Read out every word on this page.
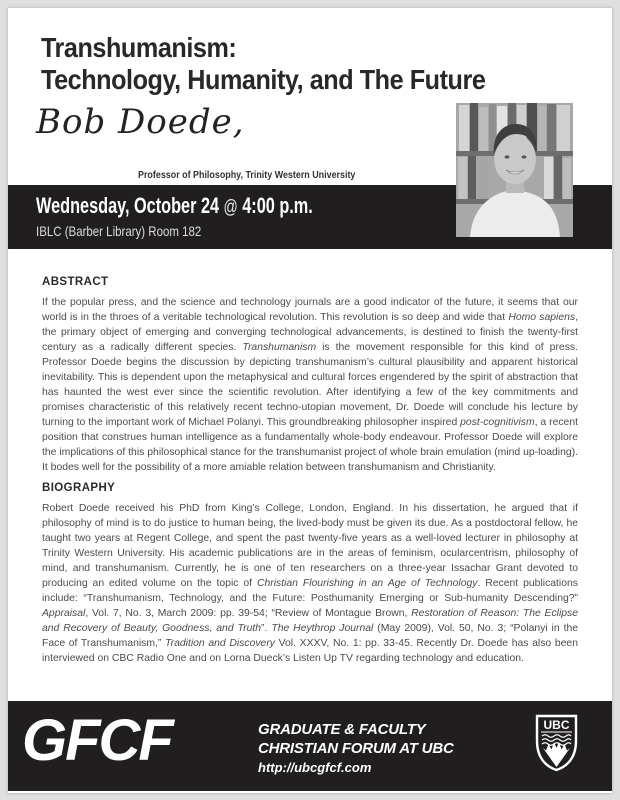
Transhumanism:
Technology, Humanity, and The Future
Bob Doede,
Professor of Philosophy, Trinity Western University
Wednesday, October 24 @ 4:00 p.m.
IBLC (Barber Library) Room 182
ABSTRACT

If the popular press, and the science and technology journals are a good indicator of the future, it seems that our world is in the throes of a veritable technological revolution. This revolution is so deep and wide that Homo sapiens, the primary object of emerging and converging technological advancements, is destined to finish the twenty-first century as a radically different species. Transhumanism is the movement responsible for this kind of press. Professor Doede begins the discussion by depicting transhumanism’s cultural plausibility and apparent historical inevitability. This is dependent upon the metaphysical and cultural forces engendered by the spirit of abstraction that has haunted the west ever since the scientific revolution. After identifying a few of the key commitments and promises characteristic of this relatively recent techno-utopian movement, Dr. Doede will conclude his lecture by turning to the important work of Michael Polanyi. This groundbreaking philosopher inspired post-cognitivism, a recent position that construes human intelligence as a fundamentally whole-body endeavour. Professor Doede will explore the implications of this philosophical stance for the transhumanist project of whole brain emulation (mind up-loading). It bodes well for the possibility of a more amiable relation between transhumanism and Christianity.

BIOGRAPHY

Robert Doede received his PhD from King’s College, London, England. In his dissertation, he argued that if philosophy of mind is to do justice to human being, the lived-body must be given its due. As a postdoctoral fellow, he taught two years at Regent College, and spent the past twenty-five years as a well-loved lecturer in philosophy at Trinity Western University. His academic publications are in the areas of feminism, ocularcentrism, philosophy of mind, and transhumanism. Currently, he is one of ten researchers on a three-year Issachar Grant devoted to producing an edited volume on the topic of Christian Flourishing in an Age of Technology. Recent publications include: “Transhumanism, Technology, and the Future: Posthumanity Emerging or Sub-humanity Descending?” Appraisal, Vol. 7, No. 3, March 2009: pp. 39-54; “Review of Montague Brown, Restoration of Reason: The Eclipse and Recovery of Beauty, Goodness, and Truth”. The Heythrop Journal (May 2009), Vol. 50, No. 3; “Polanyi in the Face of Transhumanism,” Tradition and Discovery Vol. XXXV, No. 1: pp. 33-45. Recently Dr. Doede has also been interviewed on CBC Radio One and on Lorna Dueck’s Listen Up TV regarding technology and education.

GFCF	GRADUATE & FACULTY
CHRISTIAN FORUM AT UBC
http://ubcgfcf.com
UBC
